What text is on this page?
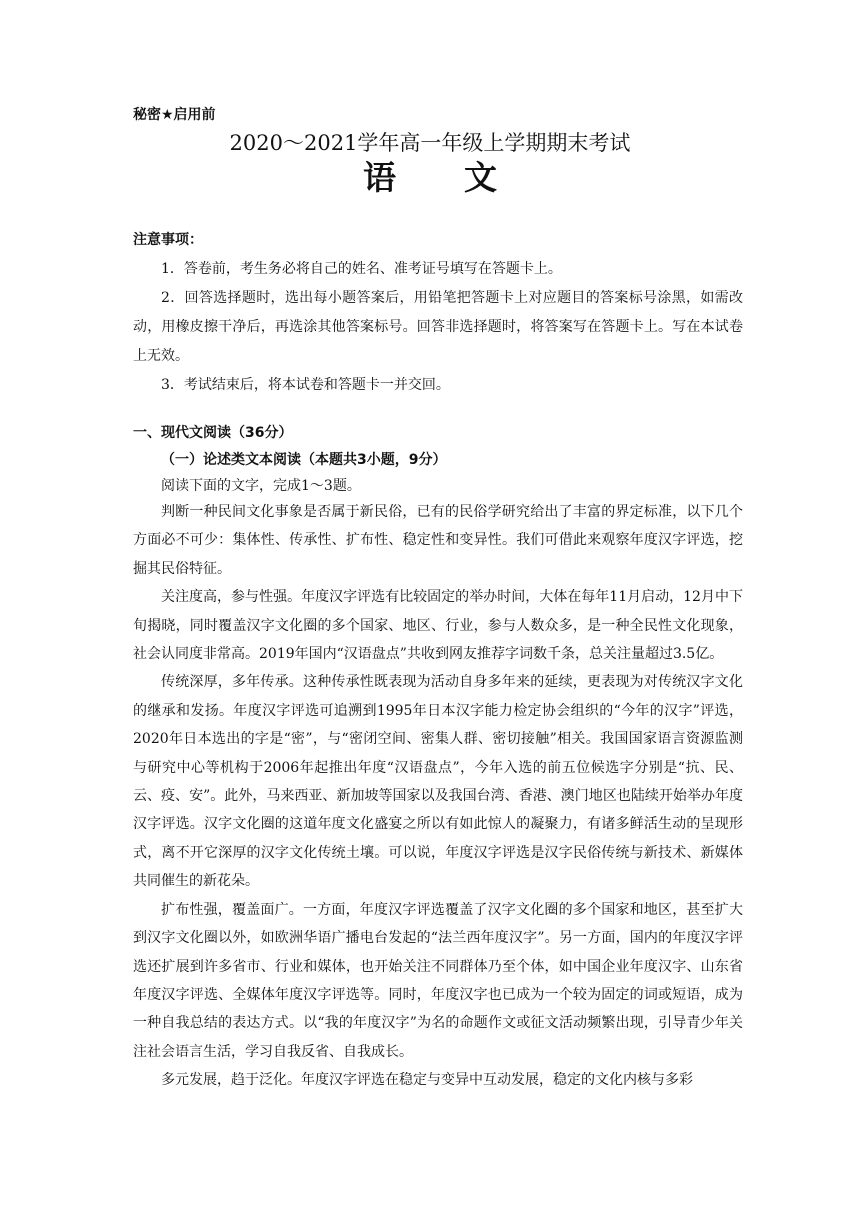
秘密★启用前
2020～2021学年高一年级上学期期末考试
语 文
注意事项：

1．答卷前，考生务必将自己的姓名、准考证号填写在答题卡上。

2．回答选择题时，选出每小题答案后，用铅笔把答题卡上对应题目的答案标号涂黑，如需改动，用橡皮擦干净后，再选涂其他答案标号。回答非选择题时，将答案写在答题卡上。写在本试卷上无效。

3．考试结束后，将本试卷和答题卡一并交回。

一、现代文阅读（36分）
（一）论述类文本阅读（本题共3小题，9分）
阅读下面的文字，完成1～3题。

判断一种民间文化事象是否属于新民俗，已有的民俗学研究给出了丰富的界定标准，以下几个方面必不可少：集体性、传承性、扩布性、稳定性和变异性。我们可借此来观察年度汉字评选，挖掘其民俗特征。

关注度高，参与性强。年度汉字评选有比较固定的举办时间，大体在每年11月启动，12月中下旬揭晓，同时覆盖汉字文化圈的多个国家、地区、行业，参与人数众多，是一种全民性文化现象，社会认同度非常高。2019年国内“汉语盘点”共收到网友推荐字词数千条，总关注量超过3.5亿。

传统深厚，多年传承。这种传承性既表现为活动自身多年来的延续，更表现为对传统汉字文化的继承和发扬。年度汉字评选可追溯到1995年日本汉字能力检定协会组织的“今年的汉字”评选，2020年日本选出的字是“密”，与“密闭空间、密集人群、密切接触”相关。我国国家语言资源监测与研究中心等机构于2006年起推出年度“汉语盘点”，今年入选的前五位候选字分别是“抗、民、云、疫、安”。此外，马来西亚、新加坡等国家以及我国台湾、香港、澳门地区也陆续开始举办年度汉字评选。汉字文化圈的这道年度文化盛宴之所以有如此惊人的凝聚力，有诸多鲜活生动的呈现形式，离不开它深厚的汉字文化传统土壤。可以说，年度汉字评选是汉字民俗传统与新技术、新媒体共同催生的新花朵。

扩布性强，覆盖面广。一方面，年度汉字评选覆盖了汉字文化圈的多个国家和地区，甚至扩大到汉字文化圈以外，如欧洲华语广播电台发起的“法兰西年度汉字”。另一方面，国内的年度汉字评选还扩展到许多省市、行业和媒体，也开始关注不同群体乃至个体，如中国企业年度汉字、山东省年度汉字评选、全媒体年度汉字评选等。同时，年度汉字也已成为一个较为固定的词或短语，成为一种自我总结的表达方式。以“我的年度汉字”为名的命题作文或征文活动频繁出现，引导青少年关注社会语言生活，学习自我反省、自我成长。

多元发展，趋于泛化。年度汉字评选在稳定与变异中互动发展，稳定的文化内核与多彩
